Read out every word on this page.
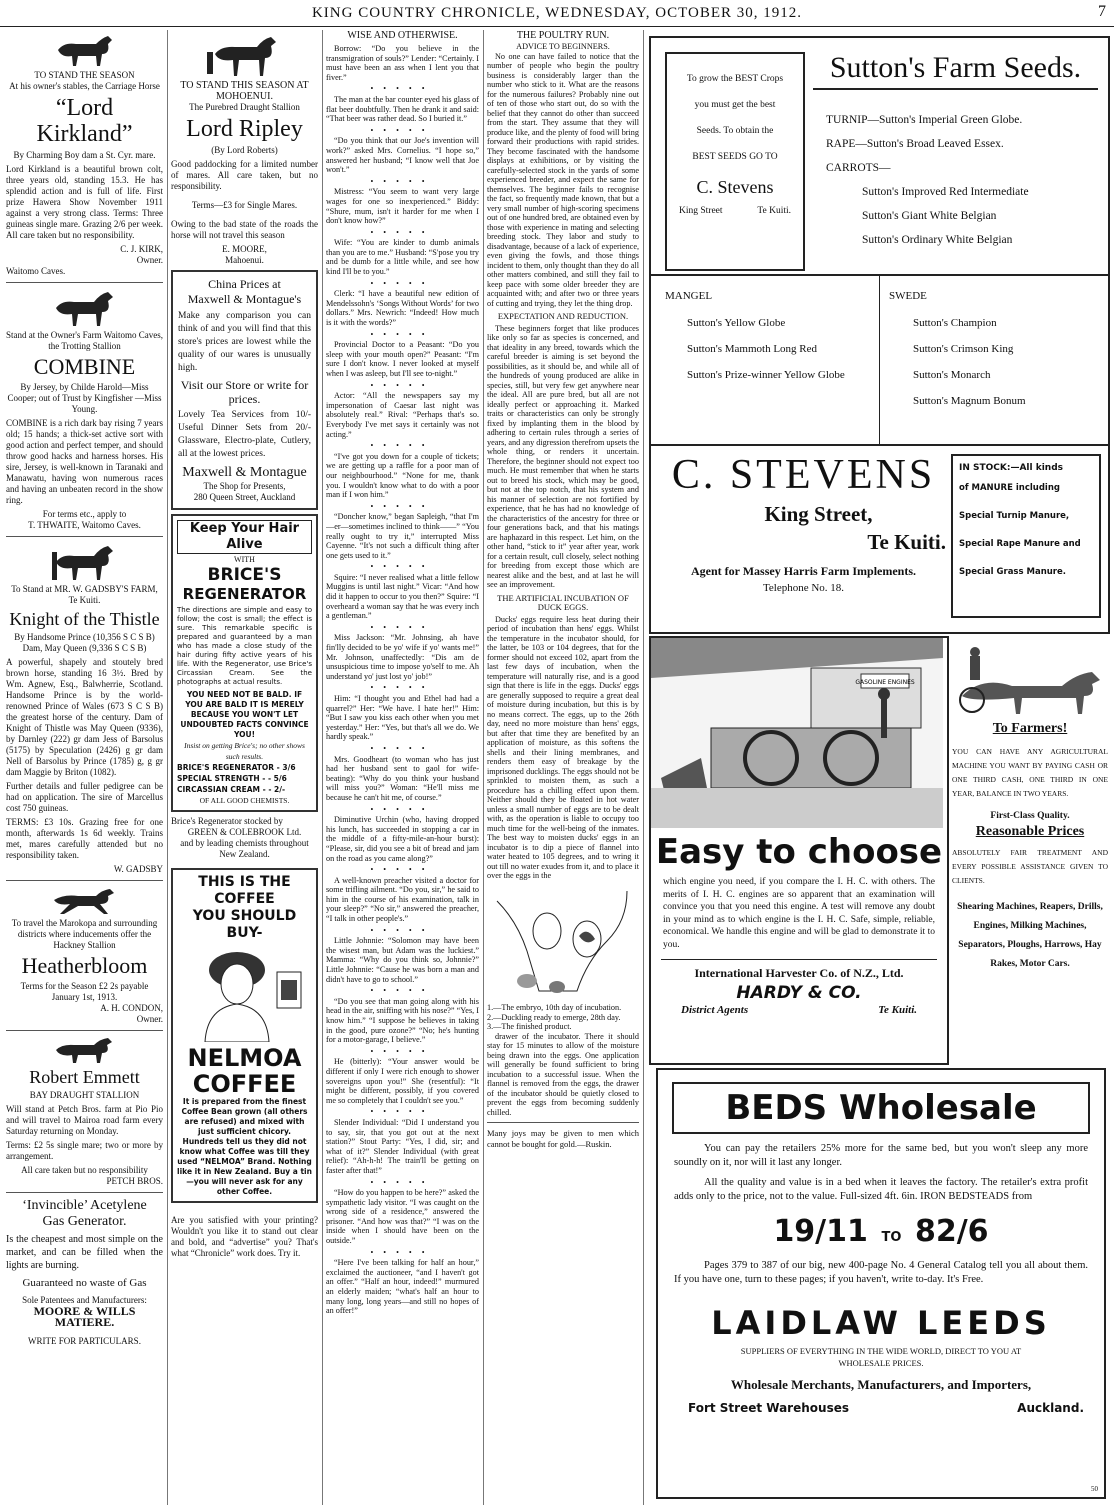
KING COUNTRY CHRONICLE, WEDNESDAY, OCTOBER 30, 1912.	7
TO STAND THE SEASON
At his owner's stables, the Carriage Horse
“Lord Kirkland”
By Charming Boy dam a St. Cyr. mare.
Lord Kirkland is a beautiful brown colt, three years old, standing 15.3. He has splendid action and is full of life. First prize Hawera Show November 1911 against a very strong class. Terms: Three guineas single mare. Grazing 2/6 per week. All care taken but no responsibility.
C. J. KIRK,
Owner.
Waitomo Caves.
Stand at the Owner's Farm Waitomo Caves, the Trotting Stallion
COMBINE
By Jersey, by Childe Harold—Miss Cooper; out of Trust by Kingfisher —Miss Young.
COMBINE is a rich dark bay rising 7 years old; 15 hands; a thick-set active sort with good action and perfect temper, and should throw good hacks and harness horses. His sire, Jersey, is well-known in Taranaki and Manawatu, having won numerous races and having an unbeaten record in the show ring.
For terms etc., apply to
T. THWAITE, Waitomo Caves.
To Stand at MR. W. GADSBY'S FARM, Te Kuiti.
Knight of the Thistle
By Handsome Prince (10,356 S C S B) Dam, May Queen (9,336 S C S B)
A powerful, shapely and stoutely bred brown horse, standing 16 3½. Bred by Wm. Agnew, Esq., Balwherrie, Scotland. Handsome Prince is by the world-renowned Prince of Wales (673 S C S B) the greatest horse of the century. Dam of Knight of Thistle was May Queen (9336), by Darnley (222) gr dam Jess of Barsolus (5175) by Speculation (2426) g gr dam Nell of Barsolus by Prince (1785) g, g gr dam Maggie by Briton (1082).
Further details and fuller pedigree can be had on application. The sire of Marcellus cost 750 guineas.
TERMS: £3 10s. Grazing free for one month, afterwards 1s 6d weekly. Trains met, mares carefully attended but no responsibility taken.
W. GADSBY
To travel the Marokopa and surrounding districts where inducements offer the Hackney Stallion
Heatherbloom
Terms for the Season £2 2s payable January 1st, 1913.
A. H. CONDON,
Owner.
Robert Emmett
BAY DRAUGHT STALLION
Will stand at Petch Bros. farm at Pio Pio and will travel to Mairoa road farm every Saturday returning on Monday.
Terms: £2 5s single mare; two or more by arrangement.
All care taken but no responsibility
PETCH BROS.
‘Invincible’ Acetylene
Gas Generator.
Is the cheapest and most simple on the market, and can be filled when the lights are burning.
Guaranteed no waste of Gas
Sole Patentees and Manufacturers:
MOORE & WILLS
MATIERE.
WRITE FOR PARTICULARS.
TO STAND THIS SEASON AT MOHOENUI.
The Purebred Draught Stallion
Lord Ripley
(By Lord Roberts)
Good paddocking for a limited number of mares. All care taken, but no responsibility.
Terms—£3 for Single Mares.
Owing to the bad state of the roads the horse will not travel this season
E. MOORE,
Mahoenui.
China Prices at
Maxwell & Montague's
Make any comparison you can think of and you will find that this store's prices are lowest while the quality of our wares is unusually high.
Visit our Store or write for prices.
Lovely Tea Services from 10/- Useful Dinner Sets from 20/- Glassware, Electro-plate, Cutlery, all at the lowest prices.
Maxwell & Montague
The Shop for Presents,
280 Queen Street, Auckland
Keep Your Hair Alive
WITH
BRICE'S
REGENERATOR
The directions are simple and easy to follow; the cost is small; the effect is sure. This remarkable specific is prepared and guaranteed by a man who has made a close study of the hair during fifty active years of his life. With the Regenerator, use Brice's Circassian Cream. See the photographs at actual results.
YOU NEED NOT BE BALD. IF YOU ARE BALD IT IS MERELY BECAUSE YOU WON'T LET UNDOUBTED FACTS CONVINCE YOU!
Insist on getting Brice's; no other shows such results.
BRICE'S REGENERATOR - 3/6
SPECIAL STRENGTH - - 5/6
CIRCASSIAN CREAM - - 2/-
OF ALL GOOD CHEMISTS.
Brice's Regenerator stocked by
GREEN & COLEBROOK Ltd.
and by leading chemists throughout New Zealand.
THIS IS THE COFFEE
YOU SHOULD BUY-
NELMOA
COFFEE
It is prepared from the finest Coffee Bean grown (all others are refused) and mixed with just sufficient chicory. Hundreds tell us they did not know what Coffee was till they used “NELMOA” Brand. Nothing like it in New Zealand. Buy a tin—you will never ask for any other Coffee.
Are you satisfied with your printing? Wouldn't you like it to stand out clear and bold, and “advertise” you? That's what “Chronicle” work does. Try it.
WISE AND OTHERWISE.

Borrow: “Do you believe in the transmigration of souls?” Lender: “Certainly. I must have been an ass when I lent you that fiver.”

•••••

The man at the bar counter eyed his glass of flat beer doubtfully. Then he drank it and said: “That beer was rather dead. So I buried it.”

•••••

“Do you think that our Joe's invention will work?” asked Mrs. Cornelius. “I hope so,” answered her husband; “I know well that Joe won't.”

•••••

Mistress: “You seem to want very large wages for one so inexperienced.” Biddy: “Shure, mum, isn't it harder for me when I don't know how?”

•••••

Wife: “You are kinder to dumb animals than you are to me.” Husband: “S'pose you try and be dumb for a little while, and see how kind I'll be to you.”

•••••

Clerk: “I have a beautiful new edition of Mendelssohn's ‘Songs Without Words’ for two dollars.” Mrs. Newrich: “Indeed! How much is it with the words?”

•••••

Provincial Doctor to a Peasant: “Do you sleep with your mouth open?” Peasant: “I'm sure I don't know. I never looked at myself when I was asleep, but I'll see to-night.”

•••••

Actor: “All the newspapers say my impersonation of Caesar last night was absolutely real.” Rival: “Perhaps that's so. Everybody I've met says it certainly was not acting.”

•••••

“I've got you down for a couple of tickets; we are getting up a raffle for a poor man of our neighbourhood.” “None for me, thank you. I wouldn't know what to do with a poor man if I won him.”

•••••

“Doncher know,” began Sapleigh, “that I'm—er—sometimes inclined to think——” “You really ought to try it,” interrupted Miss Cayenne. “It's not such a difficult thing after one gets used to it.”

•••••

Squire: “I never realised what a little fellow Muggins is until last night.” Vicar: “And how did it happen to occur to you then?” Squire: “I overheard a woman say that he was every inch a gentleman.”

•••••

Miss Jackson: “Mr. Johnsing, ah have fin'lly decided to be yo' wife if yo' wants me!” Mr. Johnson, unaffectedly: “Dis am de unsuspicious time to impose yo'self to me. Ah understand yo' just lost yo' job!”

•••••

Him: “I thought you and Ethel had had a quarrel?” Her: “We have. I hate her!” Him: “But I saw you kiss each other when you met yesterday.” Her: “Yes, but that's all we do. We hardly speak.”

•••••

Mrs. Goodheart (to woman who has just had her husband sent to gaol for wife-beating): “Why do you think your husband will miss you?” Woman: “He'll miss me because he can't hit me, of course.”

•••••

Diminutive Urchin (who, having dropped his lunch, has succeeded in stopping a car in the middle of a fifty-mile-an-hour burst): “Please, sir, did you see a bit of bread and jam on the road as you came along?”

•••••

A well-known preacher visited a doctor for some trifling ailment. “Do you, sir,” he said to him in the course of his examination, talk in your sleep?” “No sir,” answered the preacher, “I talk in other people's.”

•••••

Little Johnnie: “Solomon may have been the wisest man, but Adam was the luckiest.” Mamma: “Why do you think so, Johnnie?” Little Johnnie: “Cause he was born a man and didn't have to go to school.”

•••••

“Do you see that man going along with his head in the air, sniffing with his nose?” “Yes, I know him.” “I suppose he believes in taking in the good, pure ozone?” “No; he's hunting for a motor-garage, I believe.”

•••••

He (bitterly): “Your answer would be different if only I were rich enough to shower sovereigns upon you!” She (resentful): “It might be different, possibly, if you covered me so completely that I couldn't see you.”

•••••

Slender Individual: “Did I understand you to say, sir, that you got out at the next station?” Stout Party: “Yes, I did, sir; and what of it?” Slender Individual (with great relief): “Ah-h-h! The train'll be getting on faster after that!”

•••••

“How do you happen to be here?” asked the sympathetic lady visitor. “I was caught on the wrong side of a residence,” answered the prisoner. “And how was that?” “I was on the inside when I should have been on the outside.”

•••••

“Here I've been talking for half an hour,” exclaimed the auctioneer, “and I haven't got an offer.” “Half an hour, indeed!” murmured an elderly maiden; “what's half an hour to many long, long years—and still no hopes of an offer!”

THE POULTRY RUN.
ADVICE TO BEGINNERS.

No one can have failed to notice that the number of people who begin the poultry business is considerably larger than the number who stick to it. What are the reasons for the numerous failures? Probably nine out of ten of those who start out, do so with the belief that they cannot do other than succeed from the start. They assume that they will produce like, and the plenty of food will bring forward their productions with rapid strides. They become fascinated with the handsome displays at exhibitions, or by visiting the carefully-selected stock in the yards of some experienced breeder, and expect the same for themselves. The beginner fails to recognise the fact, so frequently made known, that but a very small number of high-scoring specimens out of one hundred bred, are obtained even by those with experience in mating and selecting breeding stock. They labor and study to disadvantage, because of a lack of experience, even giving the fowls, and those things incident to them, only thought than they do all other matters combined, and still they fail to keep pace with some older breeder they are acquainted with; and after two or three years of cutting and trying, they let the thing drop.

EXPECTATION AND REDUCTION.

These beginners forget that like produces like only so far as species is concerned, and that ideality in any breed, towards which the careful breeder is aiming is set beyond the possibilities, as it should be, and while all of the hundreds of young produced are alike in species, still, but very few get anywhere near the ideal. All are pure bred, but all are not ideally perfect or approaching it. Marked traits or characteristics can only be strongly fixed by implanting them in the blood by adhering to certain rules through a series of years, and any digression therefrom upsets the whole thing, or renders it uncertain. Therefore, the beginner should not expect too much. He must remember that when he starts out to breed his stock, which may be good, but not at the top notch, that his system and his manner of selection are not fortified by experience, that he has had no knowledge of the characteristics of the ancestry for three or four generations back, and that his matings are haphazard in this respect. Let him, on the other hand, “stick to it” year after year, work for a certain result, cull closely, select nothing for breeding from except those which are nearest alike and the best, and at last he will see an improvement.

THE ARTIFICIAL INCUBATION OF DUCK EGGS.

Ducks' eggs require less heat during their period of incubation than hens' eggs. Whilst the temperature in the incubator should, for the latter, be 103 or 104 degrees, that for the former should not exceed 102, apart from the last few days of incubation, when the temperature will naturally rise, and is a good sign that there is life in the eggs. Ducks' eggs are generally supposed to require a great deal of moisture during incubation, but this is by no means correct. The eggs, up to the 26th day, need no more moisture than hens' eggs, but after that time they are benefited by an application of moisture, as this softens the shells and their lining membranes, and renders them easy of breakage by the imprisoned ducklings. The eggs should not be sprinkled to moisten them, as such a procedure has a chilling effect upon them. Neither should they be floated in hot water unless a small number of eggs are to be dealt with, as the operation is liable to occupy too much time for the well-being of the inmates. The best way to moisten ducks' eggs in an incubator is to dip a piece of flannel into water heated to 105 degrees, and to wring it out till no water exudes from it, and to place it over the eggs in the

1.—The embryo, 10th day of incubation.
2.—Duckling ready to emerge, 28th day.
3.—The finished product.

drawer of the incubator. There it should stay for 15 minutes to allow of the moisture being drawn into the eggs. One application will generally be found sufficient to bring incubation to a successful issue. When the flannel is removed from the eggs, the drawer of the incubator should be quietly closed to prevent the eggs from becoming suddenly chilled.

Many joys may be given to men which cannot be bought for gold.—Ruskin.
To grow the BEST Crops
you must get the best
Seeds. To obtain the
BEST SEEDS GO TO
C. Stevens
King Street	Te Kuiti.
Sutton's Farm Seeds.
TURNIP—Sutton's Imperial Green Globe.
RAPE—Sutton's Broad Leaved Essex.
CARROTS—
Sutton's Improved Red Intermediate
Sutton's Giant White Belgian
Sutton's Ordinary White Belgian
MANGEL
Sutton's Yellow Globe
Sutton's Mammoth Long Red
Sutton's Prize-winner Yellow Globe
SWEDE
Sutton's Champion
Sutton's Crimson King
Sutton's Monarch
Sutton's Magnum Bonum
C. STEVENS
King Street,
Te Kuiti.
Agent for Massey Harris Farm Implements.
Telephone No. 18.
IN STOCK:—All kinds
of MANURE including
Special Turnip Manure,
Special Rape Manure and
Special Grass Manure.
GASOLINE ENGINES
Easy to choose
which engine you need, if you compare the I. H. C. with others. The merits of I. H. C. engines are so apparent that an examination will convince you that you need this engine. A test will remove any doubt in your mind as to which engine is the I. H. C. Safe, simple, reliable, economical. We handle this engine and will be glad to demonstrate it to you.
International Harvester Co. of N.Z., Ltd.
HARDY & CO.
District Agents	Te Kuiti.
To Farmers!
YOU CAN HAVE ANY AGRICULTURAL MACHINE YOU WANT BY PAYING CASH OR ONE THIRD CASH, ONE THIRD IN ONE YEAR, BALANCE IN TWO YEARS.
First-Class Quality.
Reasonable Prices
ABSOLUTELY FAIR TREATMENT AND EVERY POSSIBLE ASSISTANCE GIVEN TO CLIENTS.
Shearing Machines, Reapers, Drills, Engines, Milking Machines, Separators, Ploughs, Harrows, Hay Rakes, Motor Cars.
BEDS Wholesale
You can pay the retailers 25% more for the same bed, but you won't sleep any more soundly on it, nor will it last any longer.
All the quality and value is in a bed when it leaves the factory. The retailer's extra profit adds only to the price, not to the value. Full-sized 4ft. 6in. IRON BEDSTEADS from
19/11 TO 82/6
Pages 379 to 387 of our big, new 400-page No. 4 General Catalog tell you all about them. If you have one, turn to these pages; if you haven't, write to-day. It's Free.
LAIDLAW LEEDS
SUPPLIERS OF EVERYTHING IN THE WIDE WORLD, DIRECT TO YOU AT WHOLESALE PRICES.
Wholesale Merchants, Manufacturers, and Importers,
Fort Street Warehouses	Auckland.
50
